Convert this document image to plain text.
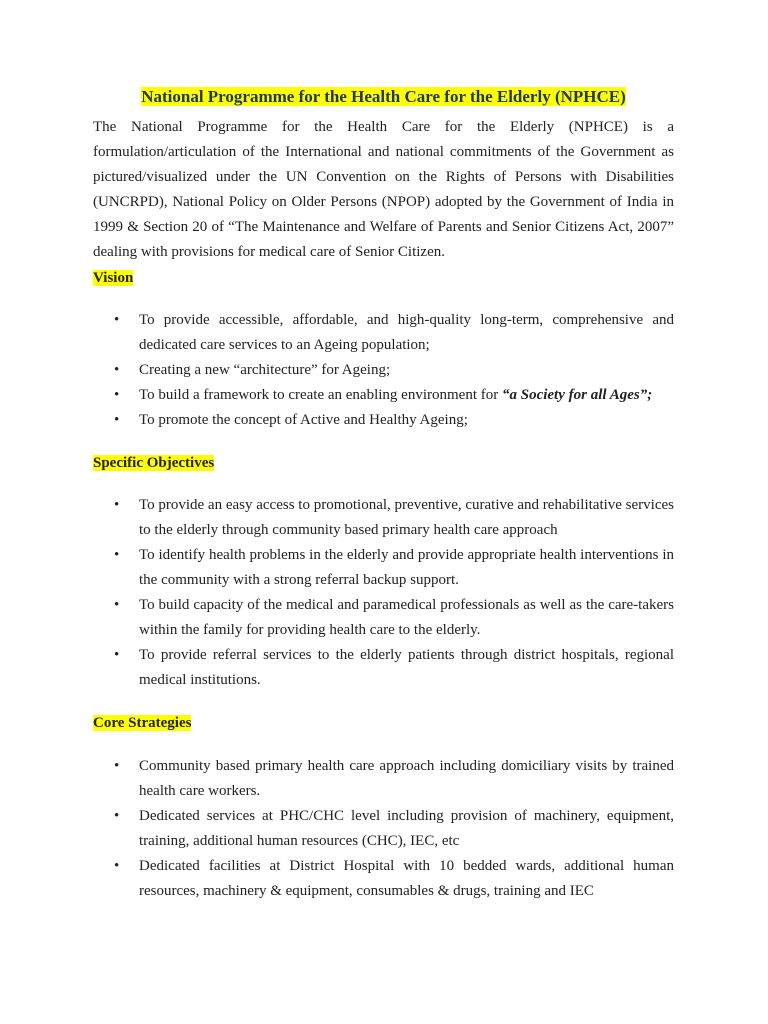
National Programme for the Health Care for the Elderly (NPHCE)

The National Programme for the Health Care for the Elderly (NPHCE) is a formulation/articulation of the International and national commitments of the Government as pictured/visualized under the UN Convention on the Rights of Persons with Disabilities (UNCRPD), National Policy on Older Persons (NPOP) adopted by the Government of India in 1999 & Section 20 of “The Maintenance and Welfare of Parents and Senior Citizens Act, 2007” dealing with provisions for medical care of Senior Citizen.

Vision
• To provide accessible, affordable, and high-quality long-term, comprehensive and dedicated care services to an Ageing population;
• Creating a new “architecture” for Ageing;
• To build a framework to create an enabling environment for “a Society for all Ages”;
• To promote the concept of Active and Healthy Ageing;
Specific Objectives
• To provide an easy access to promotional, preventive, curative and rehabilitative services to the elderly through community based primary health care approach
• To identify health problems in the elderly and provide appropriate health interventions in the community with a strong referral backup support.
• To build capacity of the medical and paramedical professionals as well as the care-takers within the family for providing health care to the elderly.
• To provide referral services to the elderly patients through district hospitals, regional medical institutions.
Core Strategies
• Community based primary health care approach including domiciliary visits by trained health care workers.
• Dedicated services at PHC/CHC level including provision of machinery, equipment, training, additional human resources (CHC), IEC, etc
• Dedicated facilities at District Hospital with 10 bedded wards, additional human resources, machinery & equipment, consumables & drugs, training and IEC
